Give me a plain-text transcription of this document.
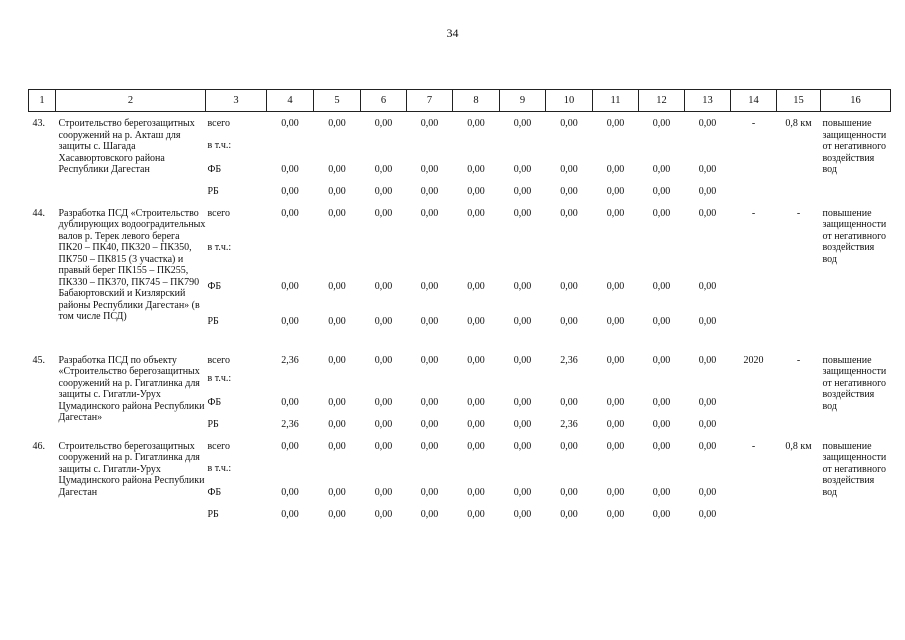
34
1	2	3	4	5	6	7	8	9	10	11	12	13	14	15	16
43.	Строительство берегозащитных сооружений на р. Акташ для защиты с. Шагада Хасавюртовского района Республики Дагестан	всего	0,00	0,00	0,00	0,00	0,00	0,00	0,00	0,00	0,00	0,00	-	0,8 км	повышение защищенности от негативного воздействия вод
		в т.ч.:													
		ФБ	0,00	0,00	0,00	0,00	0,00	0,00	0,00	0,00	0,00	0,00			
		РБ	0,00	0,00	0,00	0,00	0,00	0,00	0,00	0,00	0,00	0,00			
44.	Разработка ПСД «Строительство дублирующих водооградительных валов р. Терек левого берега ПК20 – ПК40, ПК320 – ПК350, ПК750 – ПК815 (3 участка) и правый берег ПК155 – ПК255, ПК330 – ПК370, ПК745 – ПК790 Бабаюртовский и Кизлярский районы Республики Дагестан» (в том числе ПСД)	всего	0,00	0,00	0,00	0,00	0,00	0,00	0,00	0,00	0,00	0,00	-	-	повышение защищенности от негативного воздействия вод
		в т.ч.:													
		ФБ	0,00	0,00	0,00	0,00	0,00	0,00	0,00	0,00	0,00	0,00			
		РБ	0,00	0,00	0,00	0,00	0,00	0,00	0,00	0,00	0,00	0,00			
45.	Разработка ПСД по объекту «Строительство берегозащитных сооружений на р. Гигатлинка для защиты с. Гигатли-Урух Цумадинского района Республики Дагестан»	всего	2,36	0,00	0,00	0,00	0,00	0,00	2,36	0,00	0,00	0,00	2020	-	повышение защищенности от негативного воздействия вод
		в т.ч.:													
		ФБ	0,00	0,00	0,00	0,00	0,00	0,00	0,00	0,00	0,00	0,00			
		РБ	2,36	0,00	0,00	0,00	0,00	0,00	2,36	0,00	0,00	0,00			
46.	Строительство берегозащитных сооружений на р. Гигатлинка для защиты с. Гигатли-Урух Цумадинского района Республики Дагестан	всего	0,00	0,00	0,00	0,00	0,00	0,00	0,00	0,00	0,00	0,00	-	0,8 км	повышение защищенности от негативного воздействия вод
		в т.ч.:													
		ФБ	0,00	0,00	0,00	0,00	0,00	0,00	0,00	0,00	0,00	0,00			
		РБ	0,00	0,00	0,00	0,00	0,00	0,00	0,00	0,00	0,00	0,00			
